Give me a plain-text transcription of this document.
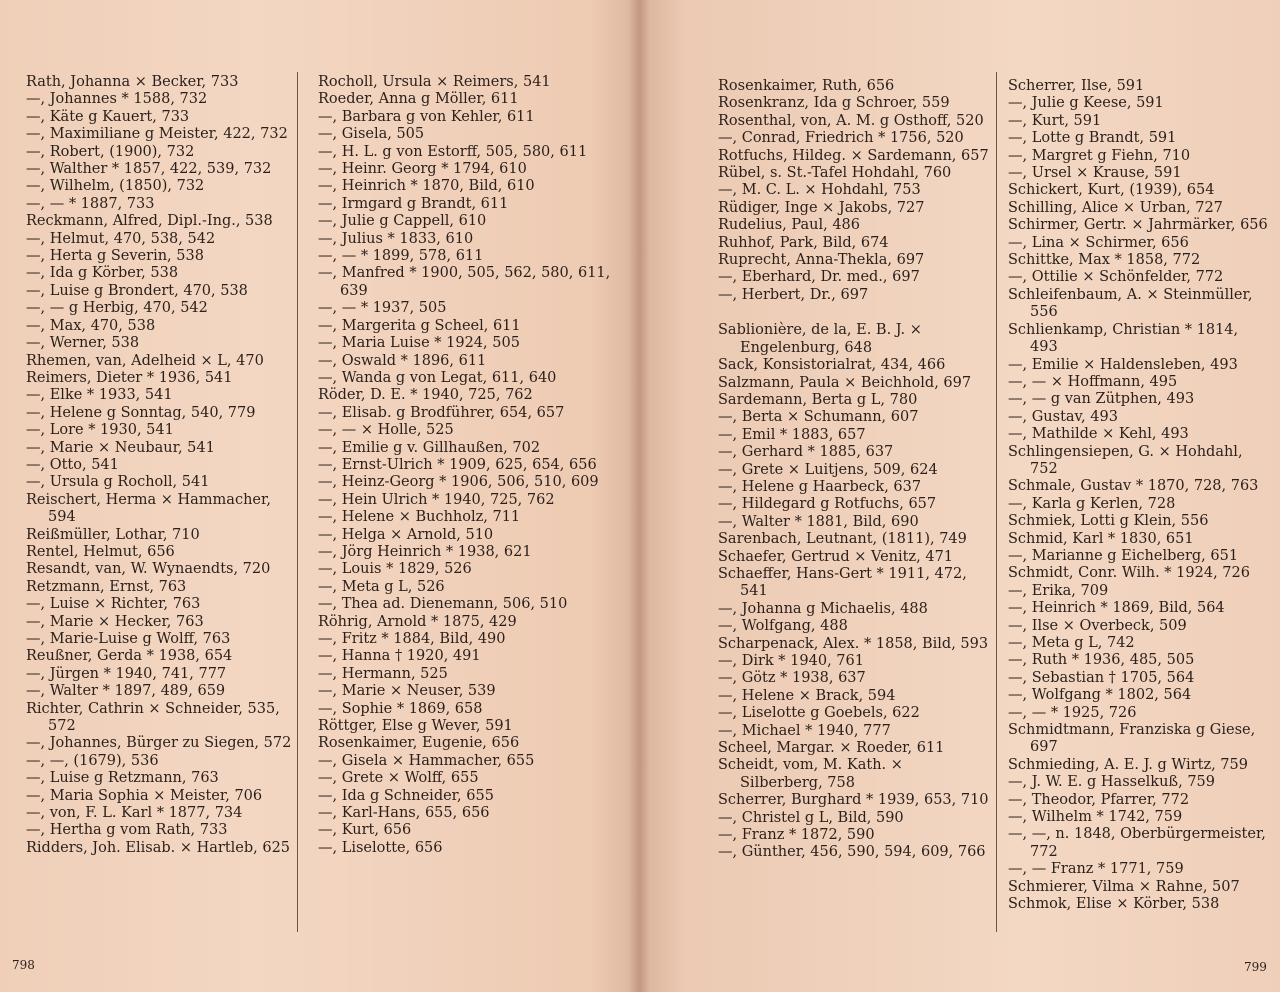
Rath, Johanna × Becker, 733
—, Johannes * 1588, 732
—, Käte g Kauert, 733
—, Maximiliane g Meister, 422, 732
—, Robert, (1900), 732
—, Walther * 1857, 422, 539, 732
—, Wilhelm, (1850), 732
—, — * 1887, 733
Reckmann, Alfred, Dipl.-Ing., 538
—, Helmut, 470, 538, 542
—, Herta g Severin, 538
—, Ida g Körber, 538
—, Luise g Brondert, 470, 538
—, — g Herbig, 470, 542
—, Max, 470, 538
—, Werner, 538
Rhemen, van, Adelheid × L, 470
Reimers, Dieter * 1936, 541
—, Elke * 1933, 541
—, Helene g Sonntag, 540, 779
—, Lore * 1930, 541
—, Marie × Neubaur, 541
—, Otto, 541
—, Ursula g Rocholl, 541
Reischert, Herma × Hammacher, 594
Reißmüller, Lothar, 710
Rentel, Helmut, 656
Resandt, van, W. Wynaendts, 720
Retzmann, Ernst, 763
—, Luise × Richter, 763
—, Marie × Hecker, 763
—, Marie-Luise g Wolff, 763
Reußner, Gerda * 1938, 654
—, Jürgen * 1940, 741, 777
—, Walter * 1897, 489, 659
Richter, Cathrin × Schneider, 535, 572
—, Johannes, Bürger zu Siegen, 572
—, —, (1679), 536
—, Luise g Retzmann, 763
—, Maria Sophia × Meister, 706
—, von, F. L. Karl * 1877, 734
—, Hertha g vom Rath, 733
Ridders, Joh. Elisab. × Hartleb, 625
Rocholl, Ursula × Reimers, 541
Roeder, Anna g Möller, 611
—, Barbara g von Kehler, 611
—, Gisela, 505
—, H. L. g von Estorff, 505, 580, 611
—, Heinr. Georg * 1794, 610
—, Heinrich * 1870, Bild, 610
—, Irmgard g Brandt, 611
—, Julie g Cappell, 610
—, Julius * 1833, 610
—, — * 1899, 578, 611
—, Manfred * 1900, 505, 562, 580, 611, 639
—, — * 1937, 505
—, Margerita g Scheel, 611
—, Maria Luise * 1924, 505
—, Oswald * 1896, 611
—, Wanda g von Legat, 611, 640
Röder, D. E. * 1940, 725, 762
—, Elisab. g Brodführer, 654, 657
—, — × Holle, 525
—, Emilie g v. Gillhaußen, 702
—, Ernst-Ulrich * 1909, 625, 654, 656
—, Heinz-Georg * 1906, 506, 510, 609
—, Hein Ulrich * 1940, 725, 762
—, Helene × Buchholz, 711
—, Helga × Arnold, 510
—, Jörg Heinrich * 1938, 621
—, Louis * 1829, 526
—, Meta g L, 526
—, Thea ad. Dienemann, 506, 510
Röhrig, Arnold * 1875, 429
—, Fritz * 1884, Bild, 490
—, Hanna † 1920, 491
—, Hermann, 525
—, Marie × Neuser, 539
—, Sophie * 1869, 658
Röttger, Else g Wever, 591
Rosenkaimer, Eugenie, 656
—, Gisela × Hammacher, 655
—, Grete × Wolff, 655
—, Ida g Schneider, 655
—, Karl-Hans, 655, 656
—, Kurt, 656
—, Liselotte, 656
Rosenkaimer, Ruth, 656
Rosenkranz, Ida g Schroer, 559
Rosenthal, von, A. M. g Osthoff, 520
—, Conrad, Friedrich * 1756, 520
Rotfuchs, Hildeg. × Sardemann, 657
Rübel, s. St.-Tafel Hohdahl, 760
—, M. C. L. × Hohdahl, 753
Rüdiger, Inge × Jakobs, 727
Rudelius, Paul, 486
Ruhhof, Park, Bild, 674
Ruprecht, Anna-Thekla, 697
—, Eberhard, Dr. med., 697
—, Herbert, Dr., 697
Sablionière, de la, E. B. J. × Engelenburg, 648
Sack, Konsistorialrat, 434, 466
Salzmann, Paula × Beichhold, 697
Sardemann, Berta g L, 780
—, Berta × Schumann, 607
—, Emil * 1883, 657
—, Gerhard * 1885, 637
—, Grete × Luitjens, 509, 624
—, Helene g Haarbeck, 637
—, Hildegard g Rotfuchs, 657
—, Walter * 1881, Bild, 690
Sarenbach, Leutnant, (1811), 749
Schaefer, Gertrud × Venitz, 471
Schaeffer, Hans-Gert * 1911, 472, 541
—, Johanna g Michaelis, 488
—, Wolfgang, 488
Scharpenack, Alex. * 1858, Bild, 593
—, Dirk * 1940, 761
—, Götz * 1938, 637
—, Helene × Brack, 594
—, Liselotte g Goebels, 622
—, Michael * 1940, 777
Scheel, Margar. × Roeder, 611
Scheidt, vom, M. Kath. × Silberberg, 758
Scherrer, Burghard * 1939, 653, 710
—, Christel g L, Bild, 590
—, Franz * 1872, 590
—, Günther, 456, 590, 594, 609, 766
Scherrer, Ilse, 591
—, Julie g Keese, 591
—, Kurt, 591
—, Lotte g Brandt, 591
—, Margret g Fiehn, 710
—, Ursel × Krause, 591
Schickert, Kurt, (1939), 654
Schilling, Alice × Urban, 727
Schirmer, Gertr. × Jahrmärker, 656
—, Lina × Schirmer, 656
Schittke, Max * 1858, 772
—, Ottilie × Schönfelder, 772
Schleifenbaum, A. × Steinmüller, 556
Schlienkamp, Christian * 1814, 493
—, Emilie × Haldensleben, 493
—, — × Hoffmann, 495
—, — g van Zütphen, 493
—, Gustav, 493
—, Mathilde × Kehl, 493
Schlingensiepen, G. × Hohdahl, 752
Schmale, Gustav * 1870, 728, 763
—, Karla g Kerlen, 728
Schmiek, Lotti g Klein, 556
Schmid, Karl * 1830, 651
—, Marianne g Eichelberg, 651
Schmidt, Conr. Wilh. * 1924, 726
—, Erika, 709
—, Heinrich * 1869, Bild, 564
—, Ilse × Overbeck, 509
—, Meta g L, 742
—, Ruth * 1936, 485, 505
—, Sebastian † 1705, 564
—, Wolfgang * 1802, 564
—, — * 1925, 726
Schmidtmann, Franziska g Giese, 697
Schmieding, A. E. J. g Wirtz, 759
—, J. W. E. g Hasselkuß, 759
—, Theodor, Pfarrer, 772
—, Wilhelm * 1742, 759
—, —, n. 1848, Oberbürgermeister, 772
—, — Franz * 1771, 759
Schmierer, Vilma × Rahne, 507
Schmok, Elise × Körber, 538
798	799
